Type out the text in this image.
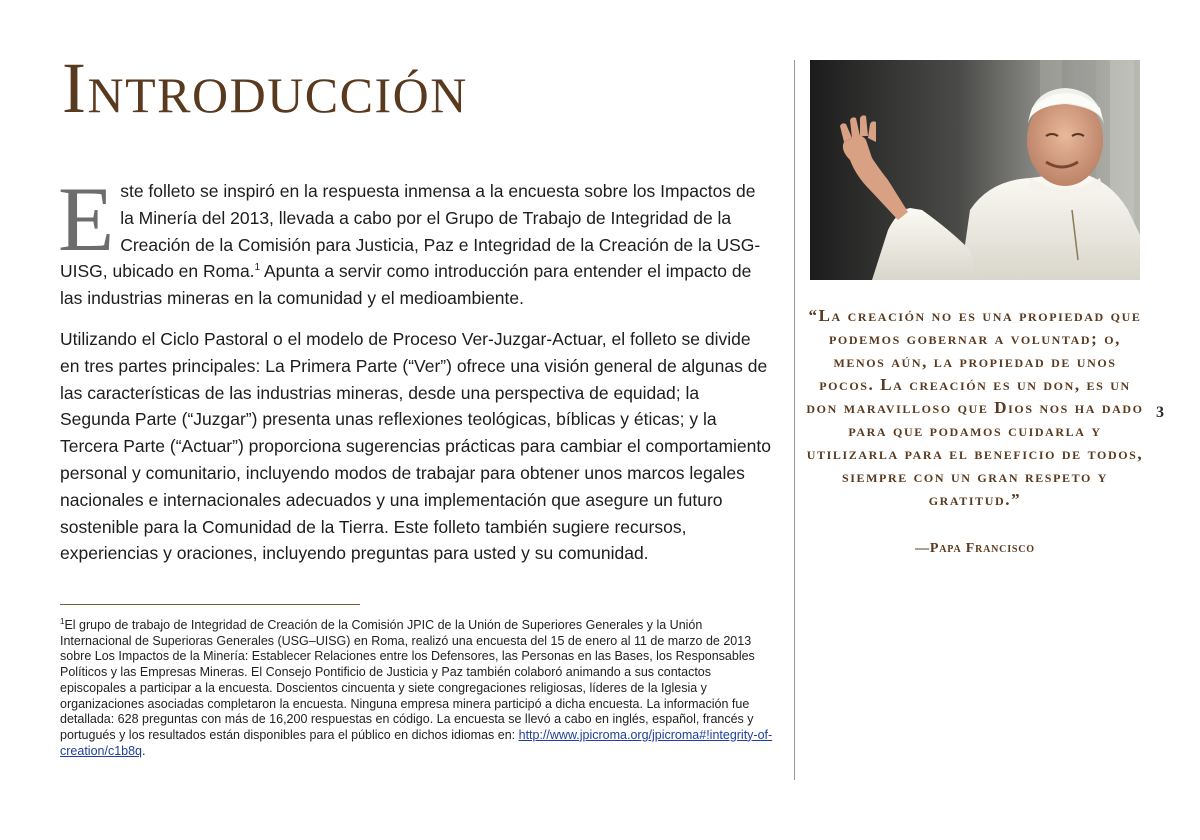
Introducción

Este folleto se inspiró en la respuesta inmensa a la encuesta sobre los Impactos de la Minería del 2013, llevada a cabo por el Grupo de Trabajo de Integridad de la Creación de la Comisión para Justicia, Paz e Integridad de la Creación de la USG-UISG, ubicado en Roma.$^1$ Apunta a servir como introducción para entender el impacto de las industrias mineras en la comunidad y el medioambiente.

Utilizando el Ciclo Pastoral o el modelo de Proceso Ver-Juzgar-Actuar, el folleto se divide en tres partes principales: La Primera Parte (“Ver”) ofrece una visión general de algunas de las características de las industrias mineras, desde una perspectiva de equidad; la Segunda Parte (“Juzgar”) presenta unas reflexiones teológicas, bíblicas y éticas; y la Tercera Parte (“Actuar”) proporciona sugerencias prácticas para cambiar el comportamiento personal y comunitario, incluyendo modos de trabajar para obtener unos marcos legales nacionales e internacionales adecuados y una implementación que asegure un futuro sostenible para la Comunidad de la Tierra. Este folleto también sugiere recursos, experiencias y oraciones, incluyendo preguntas para usted y su comunidad.

$^1$El grupo de trabajo de Integridad de Creación de la Comisión JPIC de la Unión de Superiores Generales y la Unión Internacional de Superioras Generales (USG–UISG) en Roma, realizó una encuesta del 15 de enero al 11 de marzo de 2013 sobre Los Impactos de la Minería: Establecer Relaciones entre los Defensores, las Personas en las Bases, los Responsables Políticos y las Empresas Mineras. El Consejo Pontificio de Justicia y Paz también colaboró animando a sus contactos episcopales a participar a la encuesta. Doscientos cincuenta y siete congregaciones religiosas, líderes de la Iglesia y organizaciones asociadas completaron la encuesta. Ninguna empresa minera participó a dicha encuesta. La información fue detallada: 628 preguntas con más de 16,200 respuestas en código. La encuesta se llevó a cabo en inglés, español, francés y portugués y los resultados están disponibles para el público en dichos idiomas en: http://www.jpicroma.org/jpicroma#!integrity-of-creation/c1b8q.

“La creación no es una propiedad que podemos gobernar a voluntad; o, menos aún, la propiedad de unos pocos. La creación es un don, es un don maravilloso que Dios nos ha dado para que podamos cuidarla y utilizarla para el beneficio de todos, siempre con un gran respeto y gratitud.”

—Papa Francisco

3
